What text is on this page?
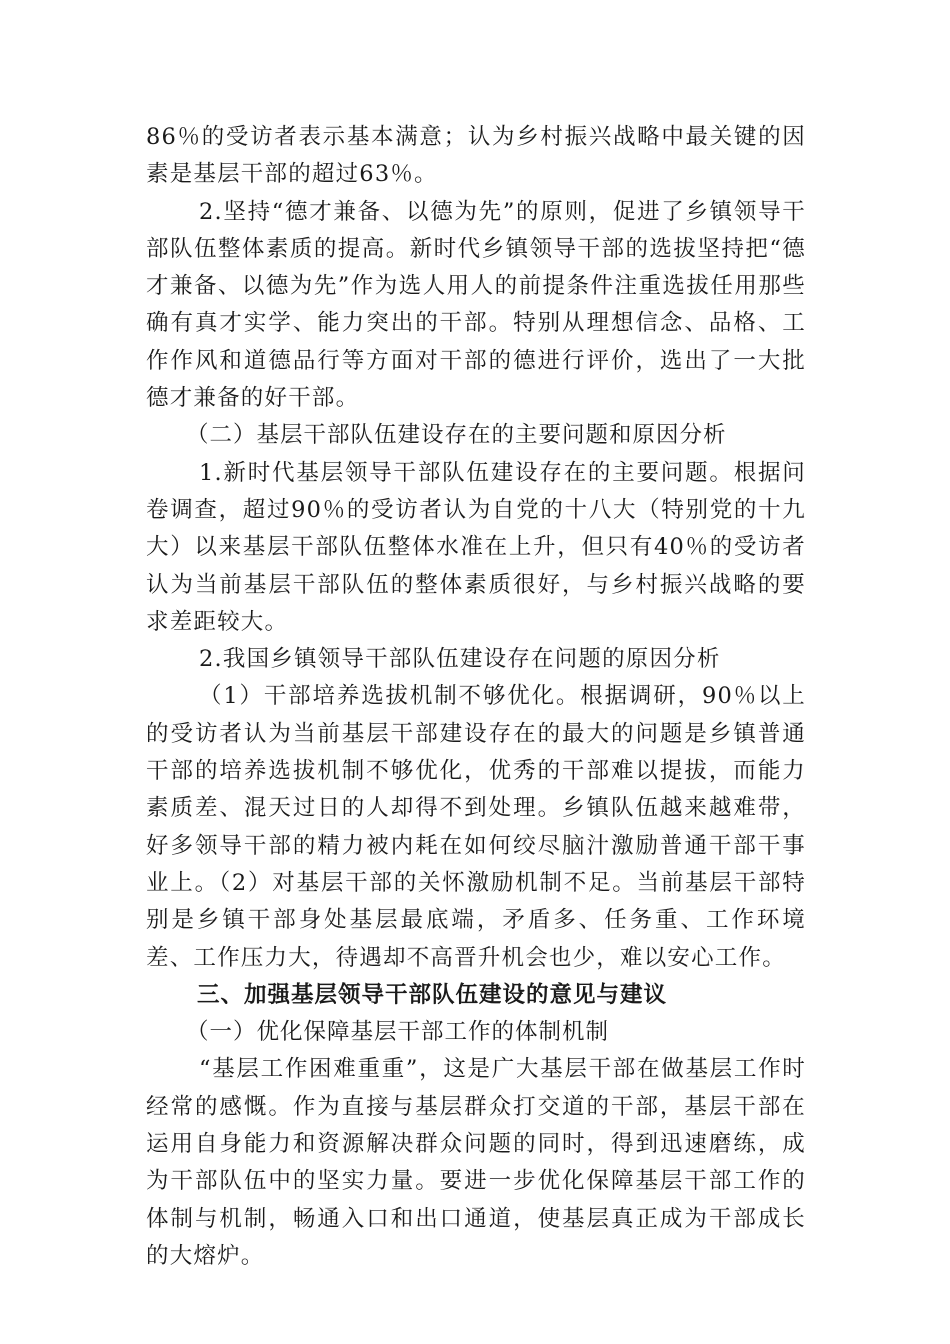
86％的受访者表示基本满意；认为乡村振兴战略中最关键的因素是基层干部的超过63％。

2.坚持“德才兼备、以德为先”的原则，促进了乡镇领导干部队伍整体素质的提高。新时代乡镇领导干部的选拔坚持把“德才兼备、以德为先”作为选人用人的前提条件注重选拔任用那些确有真才实学、能力突出的干部。特别从理想信念、品格、工作作风和道德品行等方面对干部的德进行评价，选出了一大批德才兼备的好干部。

（二）基层干部队伍建设存在的主要问题和原因分析

1.新时代基层领导干部队伍建设存在的主要问题。根据问卷调查，超过90％的受访者认为自党的十八大（特别党的十九大）以来基层干部队伍整体水准在上升，但只有40％的受访者认为当前基层干部队伍的整体素质很好，与乡村振兴战略的要求差距较大。

2.我国乡镇领导干部队伍建设存在问题的原因分析

（1）干部培养选拔机制不够优化。根据调研，90％以上的受访者认为当前基层干部建设存在的最大的问题是乡镇普通干部的培养选拔机制不够优化，优秀的干部难以提拔，而能力素质差、混天过日的人却得不到处理。乡镇队伍越来越难带，好多领导干部的精力被内耗在如何绞尽脑汁激励普通干部干事业上。（2）对基层干部的关怀激励机制不足。当前基层干部特别是乡镇干部身处基层最底端，矛盾多、任务重、工作环境差、工作压力大，待遇却不高晋升机会也少，难以安心工作。

三、加强基层领导干部队伍建设的意见与建议

（一）优化保障基层干部工作的体制机制

“基层工作困难重重”，这是广大基层干部在做基层工作时经常的感慨。作为直接与基层群众打交道的干部，基层干部在运用自身能力和资源解决群众问题的同时，得到迅速磨练，成为干部队伍中的坚实力量。要进一步优化保障基层干部工作的体制与机制，畅通入口和出口通道，使基层真正成为干部成长的大熔炉。
